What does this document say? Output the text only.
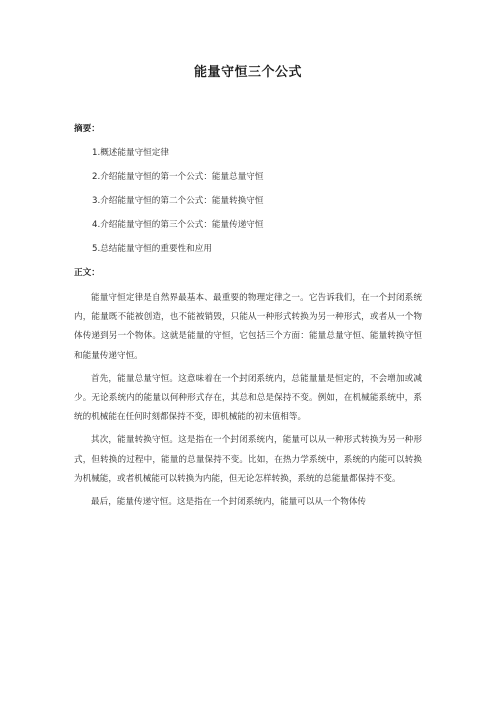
能量守恒三个公式

摘要：

1.概述能量守恒定律
2.介绍能量守恒的第一个公式：能量总量守恒
3.介绍能量守恒的第二个公式：能量转换守恒
4.介绍能量守恒的第三个公式：能量传递守恒
5.总结能量守恒的重要性和应用

正文：

能量守恒定律是自然界最基本、最重要的物理定律之一。它告诉我们，在一个封闭系统内，能量既不能被创造，也不能被销毁，只能从一种形式转换为另一种形式，或者从一个物体传递到另一个物体。这就是能量的守恒，它包括三个方面：能量总量守恒、能量转换守恒和能量传递守恒。

首先，能量总量守恒。这意味着在一个封闭系统内，总能量量是恒定的，不会增加或减少。无论系统内的能量以何种形式存在，其总和总是保持不变。例如，在机械能系统中，系统的机械能在任何时刻都保持不变，即机械能的初末值相等。

其次，能量转换守恒。这是指在一个封闭系统内，能量可以从一种形式转换为另一种形式，但转换的过程中，能量的总量保持不变。比如，在热力学系统中，系统的内能可以转换为机械能，或者机械能可以转换为内能，但无论怎样转换，系统的总能量都保持不变。

最后，能量传递守恒。这是指在一个封闭系统内，能量可以从一个物体传
